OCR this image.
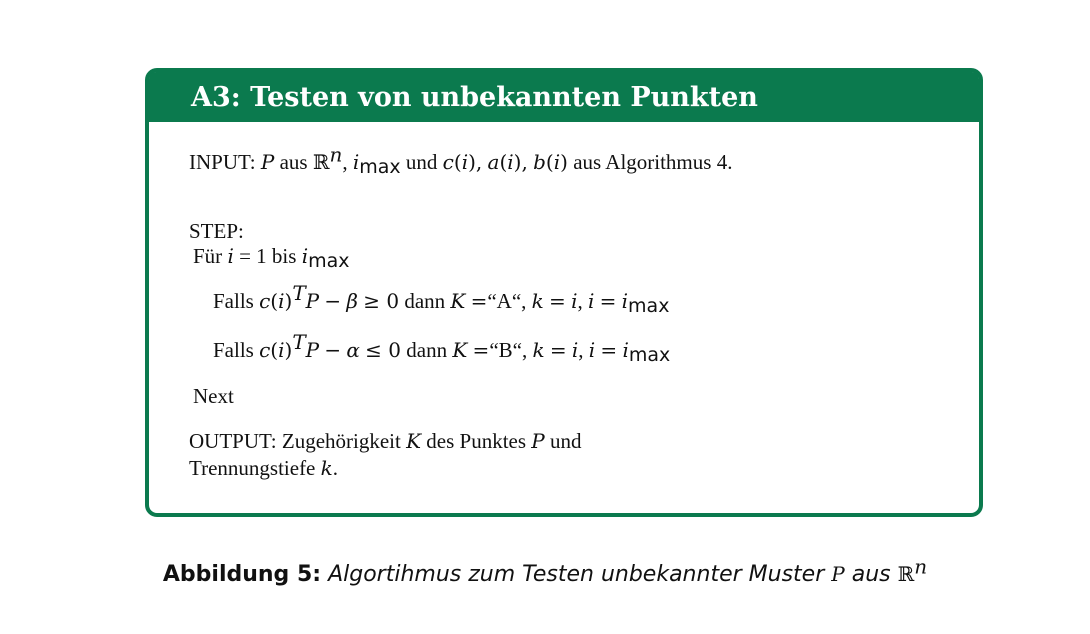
A3: Testen von unbekannten Punkten
INPUT: P aus ℝ$^n$, imax und c(i), a(i), b(i) aus Algorithmus 4.
STEP:
Für i = 1 bis imax
Falls $c(i)^TP - \beta \ge 0$ dann K =“A“, k = i, i = imax
Falls $c(i)^TP - \alpha \le 0$ dann K =“B“, k = i, i = imax
Next
OUTPUT: Zugehörigkeit K des Punktes P und
Trennungstiefe k.
Abbildung 5: Algortihmus zum Testen unbekannter Muster P aus ℝ$^n$
